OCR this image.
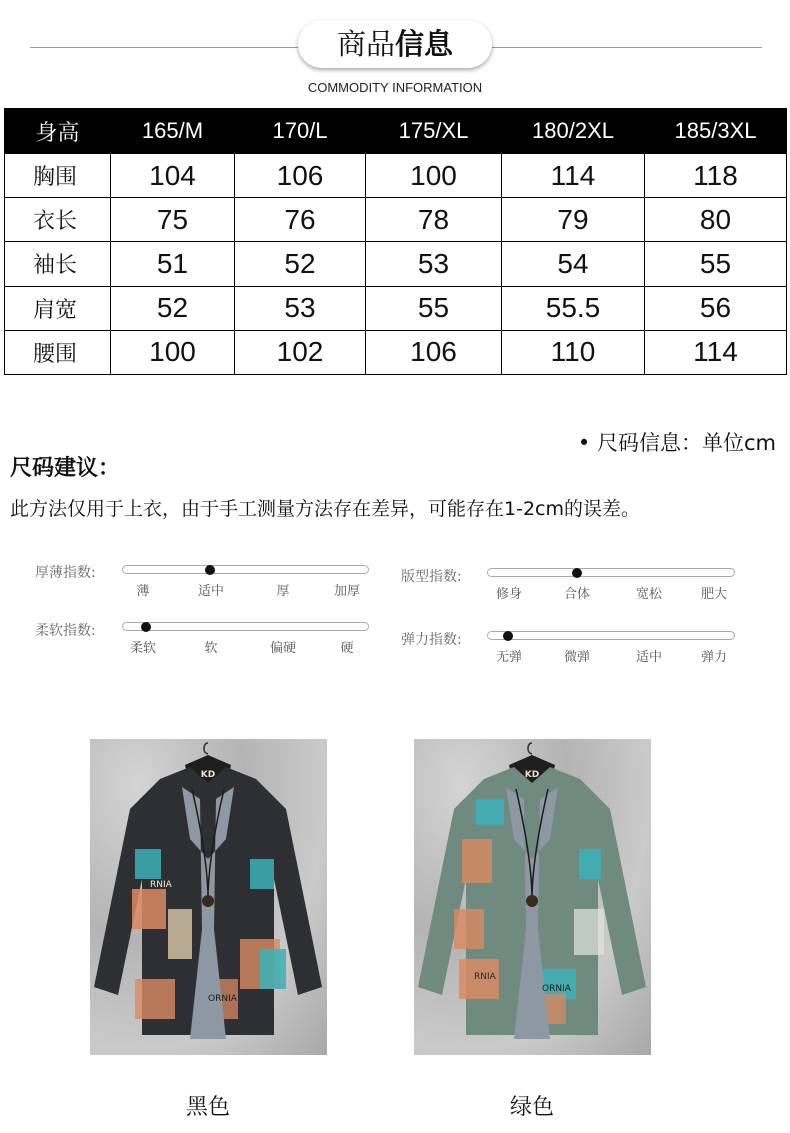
商品信息
COMMODITY INFORMATION
身高	165/M	170/L	175/XL	180/2XL	185/3XL
胸围	104	106	100	114	118
衣长	75	76	78	79	80
袖长	51	52	53	54	55
肩宽	52	53	55	55.5	56
腰围	100	102	106	110	114
• 尺码信息：单位cm
尺码建议：
此方法仅用于上衣，由于手工测量方法存在差异，可能存在1-2cm的误差。
厚薄指数:
薄	适中	厚	加厚
版型指数:
修身	合体	宽松	肥大
柔软指数:
柔软	软	偏硬	硬
弹力指数:
无弹	微弹	适中	弹力
KD
RNIA
ORNIA
KD
RNIA
ORNIA
黑色	绿色
